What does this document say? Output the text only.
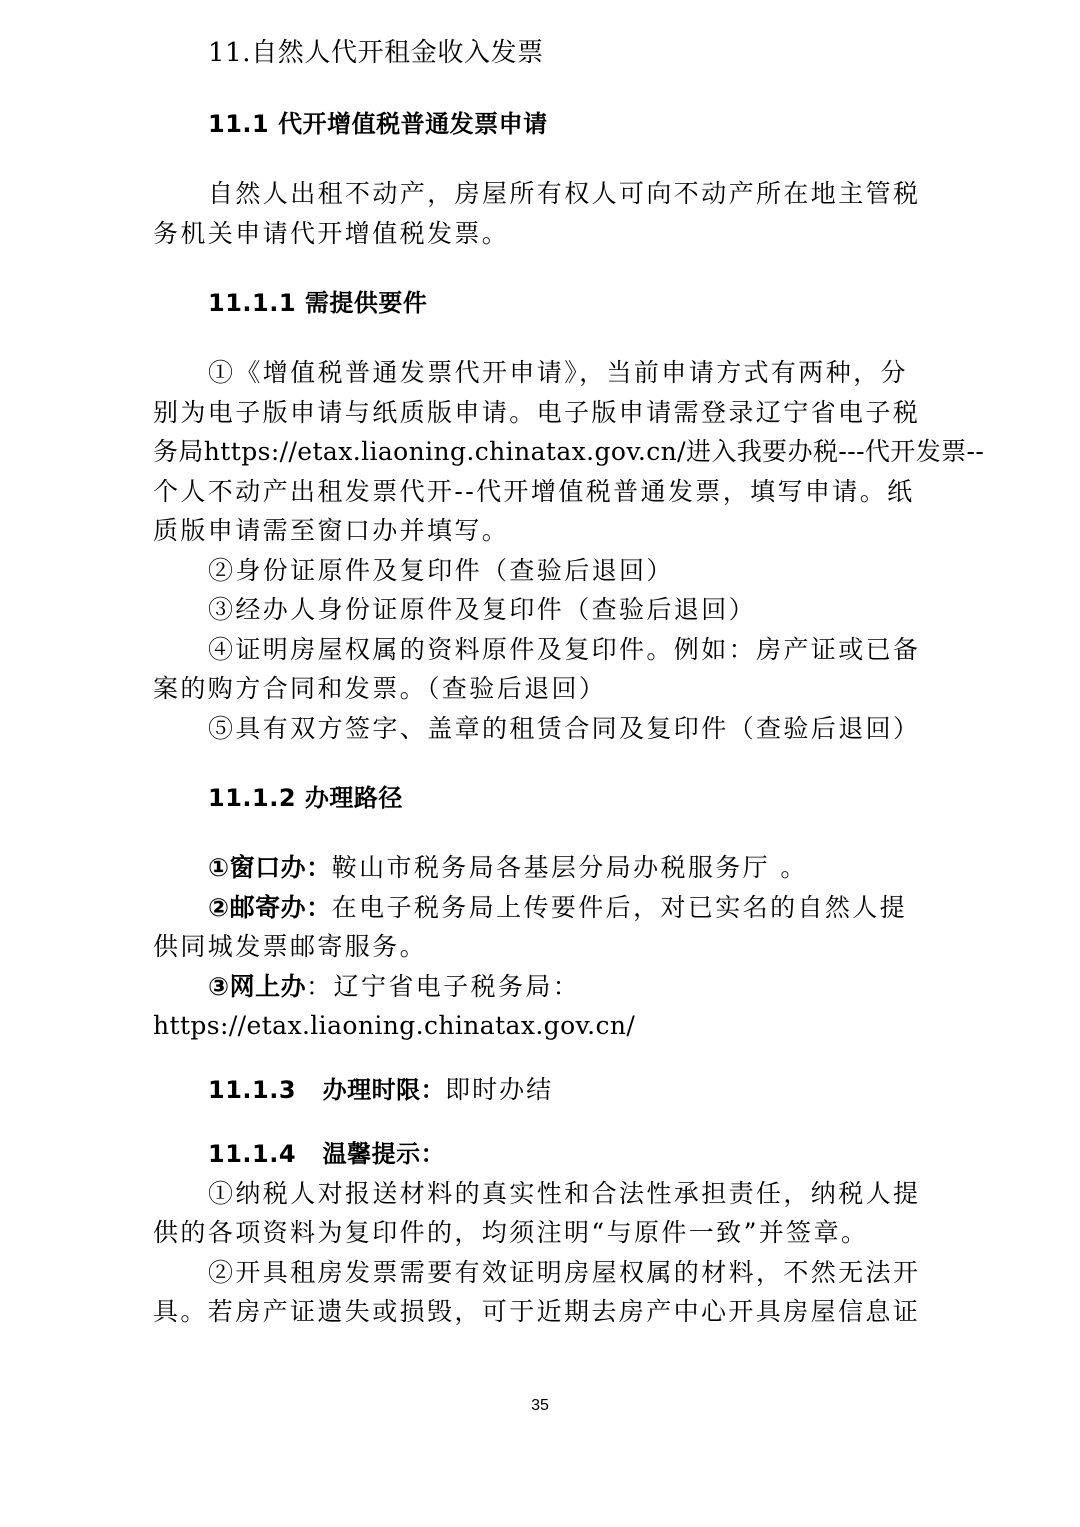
11.自然人代开租金收入发票
11.1 代开增值税普通发票申请
自然人出租不动产，房屋所有权人可向不动产所在地主管税
务机关申请代开增值税发票。
11.1.1 需提供要件
①《增值税普通发票代开申请》，当前申请方式有两种，分
别为电子版申请与纸质版申请。电子版申请需登录辽宁省电子税
务局https://etax.liaoning.chinatax.gov.cn/进入我要办税---代开发票--
个人不动产出租发票代开--代开增值税普通发票，填写申请。纸
质版申请需至窗口办并填写。
②身份证原件及复印件（查验后退回）
③经办人身份证原件及复印件（查验后退回）
④证明房屋权属的资料原件及复印件。例如：房产证或已备
案的购方合同和发票。（查验后退回）
⑤具有双方签字、盖章的租赁合同及复印件（查验后退回）
11.1.2 办理路径
①窗口办：鞍山市税务局各基层分局办税服务厅 。
②邮寄办：在电子税务局上传要件后，对已实名的自然人提
供同城发票邮寄服务。
③网上办：辽宁省电子税务局：
https://etax.liaoning.chinatax.gov.cn/
11.1.3 办理时限：即时办结
11.1.4 温馨提示：
①纳税人对报送材料的真实性和合法性承担责任，纳税人提
供的各项资料为复印件的，均须注明“与原件一致”并签章。
②开具租房发票需要有效证明房屋权属的材料，不然无法开
具。若房产证遗失或损毁，可于近期去房产中心开具房屋信息证
35
